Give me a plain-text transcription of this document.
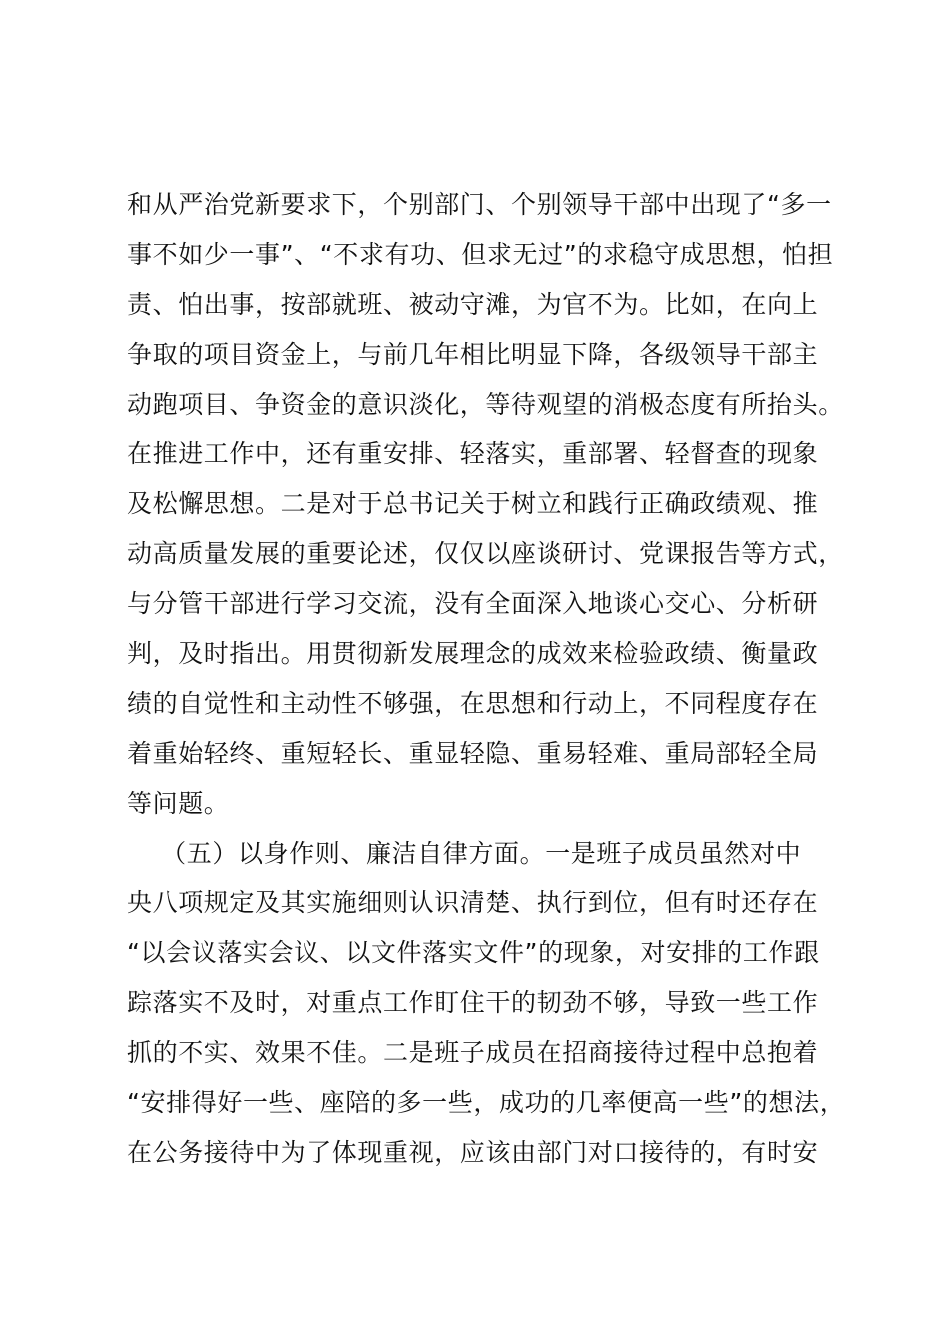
和从严治党新要求下，个别部门、个别领导干部中出现了“多一
事不如少一事”、“不求有功、但求无过”的求稳守成思想，怕担
责、怕出事，按部就班、被动守滩，为官不为。比如，在向上
争取的项目资金上，与前几年相比明显下降，各级领导干部主
动跑项目、争资金的意识淡化，等待观望的消极态度有所抬头。
在推进工作中，还有重安排、轻落实，重部署、轻督查的现象
及松懈思想。二是对于总书记关于树立和践行正确政绩观、推
动高质量发展的重要论述，仅仅以座谈研讨、党课报告等方式，
与分管干部进行学习交流，没有全面深入地谈心交心、分析研
判，及时指出。用贯彻新发展理念的成效来检验政绩、衡量政
绩的自觉性和主动性不够强，在思想和行动上，不同程度存在
着重始轻终、重短轻长、重显轻隐、重易轻难、重局部轻全局
等问题。
（五）以身作则、廉洁自律方面。一是班子成员虽然对中
央八项规定及其实施细则认识清楚、执行到位，但有时还存在
“以会议落实会议、以文件落实文件”的现象，对安排的工作跟
踪落实不及时，对重点工作盯住干的韧劲不够，导致一些工作
抓的不实、效果不佳。二是班子成员在招商接待过程中总抱着
“安排得好一些、座陪的多一些，成功的几率便高一些”的想法，
在公务接待中为了体现重视，应该由部门对口接待的，有时安
